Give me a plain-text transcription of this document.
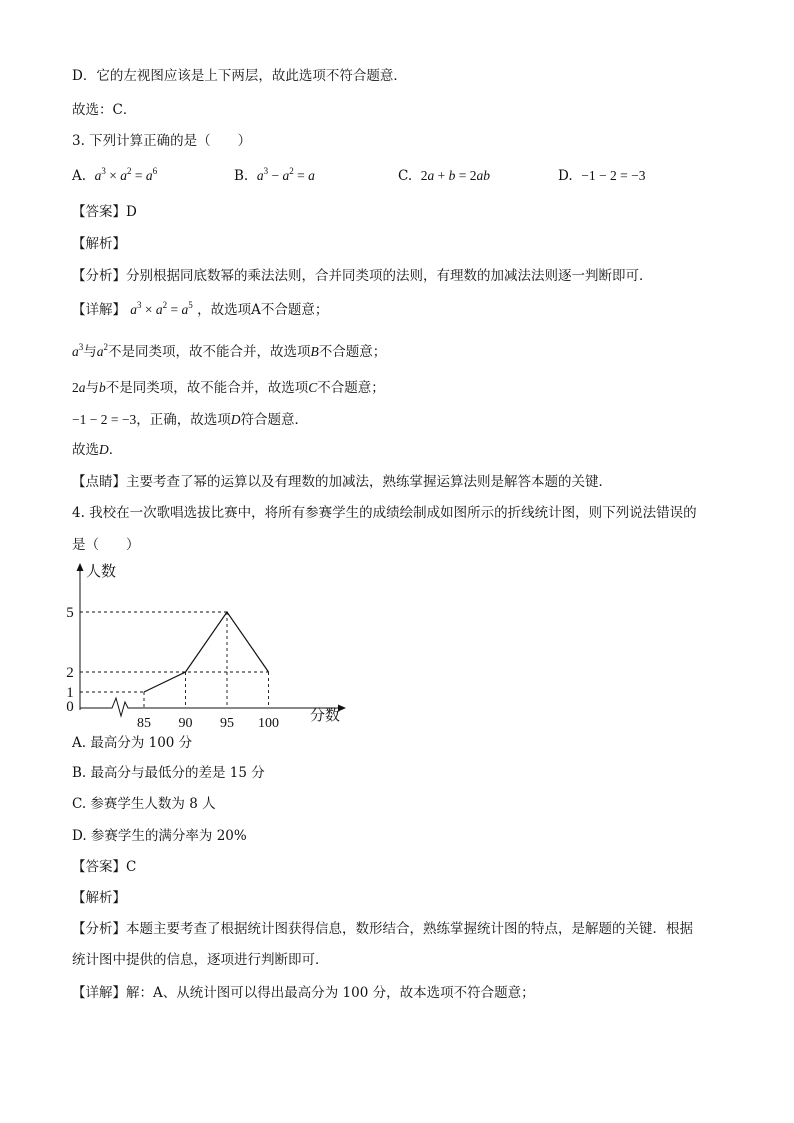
D．它的左视图应该是上下两层，故此选项不符合题意．
故选：C．
3. 下列计算正确的是（　　）
A. $a^3 \times a^2 = a^6$	B. $a^3 - a^2 = a$	C. 2a + b = 2ab	D. −1 − 2 = −3
【答案】D
【解析】
【分析】分别根据同底数幂的乘法法则，合并同类项的法则，有理数的加减法法则逐一判断即可．
【详解】 $a^3 \times a^2 = a^5$ ，故选项A不合题意；
$a^3$与$a^2$不是同类项，故不能合并，故选项B不合题意；
2a与b不是同类项，故不能合并，故选项C不合题意；
−1 − 2 = −3，正确，故选项D符合题意．
故选D．
【点睛】主要考查了幂的运算以及有理数的加减法，熟练掌握运算法则是解答本题的关键．
4. 我校在一次歌唱选拔比赛中，将所有参赛学生的成绩绘制成如图所示的折线统计图，则下列说法错误的
是（　　）
5
2
1
0
85 90 95 100
人数
分数
A. 最高分为 100 分
B. 最高分与最低分的差是 15 分
C. 参赛学生人数为 8 人
D. 参赛学生的满分率为 20%
【答案】C
【解析】
【分析】本题主要考查了根据统计图获得信息，数形结合，熟练掌握统计图的特点，是解题的关键．根据
统计图中提供的信息，逐项进行判断即可．
【详解】解：A、从统计图可以得出最高分为 100 分，故本选项不符合题意；
